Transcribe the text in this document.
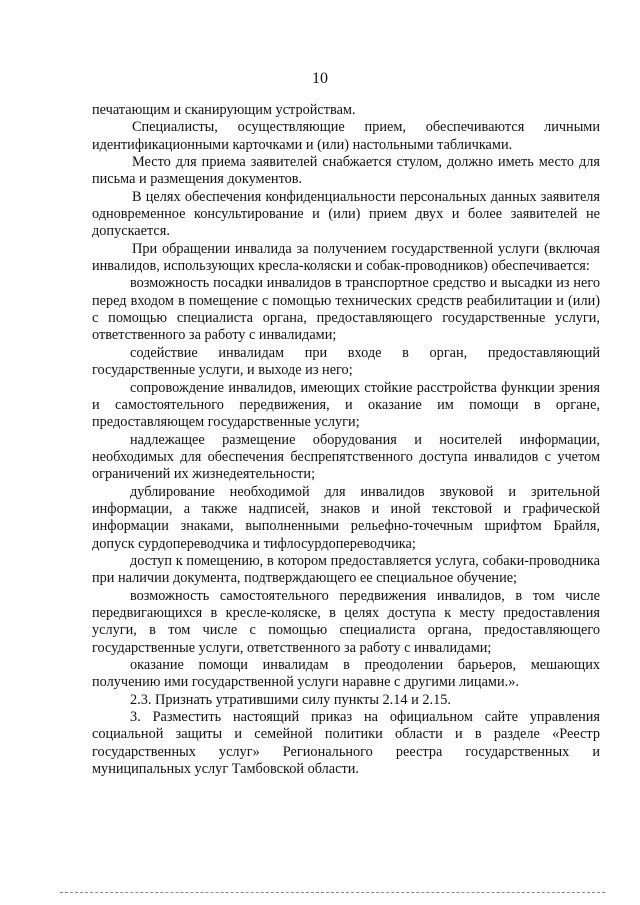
10

печатающим и сканирующим устройствам.

Специалисты, осуществляющие прием, обеспечиваются личными идентификационными карточками и (или) настольными табличками.

Место для приема заявителей снабжается стулом, должно иметь место для письма и размещения документов.

В целях обеспечения конфиденциальности персональных данных заявителя одновременное консультирование и (или) прием двух и более заявителей не допускается.

При обращении инвалида за получением государственной услуги (включая инвалидов, использующих кресла-коляски и собак-проводников) обеспечивается:

возможность посадки инвалидов в транспортное средство и высадки из него перед входом в помещение с помощью технических средств реабилитации и (или) с помощью специалиста органа, предоставляющего государственные услуги, ответственного за работу с инвалидами;

содействие инвалидам при входе в орган, предоставляющий государственные услуги, и выходе из него;

сопровождение инвалидов, имеющих стойкие расстройства функции зрения и самостоятельного передвижения, и оказание им помощи в органе, предоставляющем государственные услуги;

надлежащее размещение оборудования и носителей информации, необходимых для обеспечения беспрепятственного доступа инвалидов с учетом ограничений их жизнедеятельности;

дублирование необходимой для инвалидов звуковой и зрительной информации, а также надписей, знаков и иной текстовой и графической информации знаками, выполненными рельефно-точечным шрифтом Брайля, допуск сурдопереводчика и тифлосурдопереводчика;

доступ к помещению, в котором предоставляется услуга, собаки-проводника при наличии документа, подтверждающего ее специальное обучение;

возможность самостоятельного передвижения инвалидов, в том числе передвигающихся в кресле-коляске, в целях доступа к месту предоставления услуги, в том числе с помощью специалиста органа, предоставляющего государственные услуги, ответственного за работу с инвалидами;

оказание помощи инвалидам в преодолении барьеров, мешающих получению ими государственной услуги наравне с другими лицами.».

2.3. Признать утратившими силу пункты 2.14 и 2.15.

3. Разместить настоящий приказ на официальном сайте управления социальной защиты и семейной политики области и в разделе «Реестр государственных услуг» Регионального реестра государственных и муниципальных услуг Тамбовской области.
